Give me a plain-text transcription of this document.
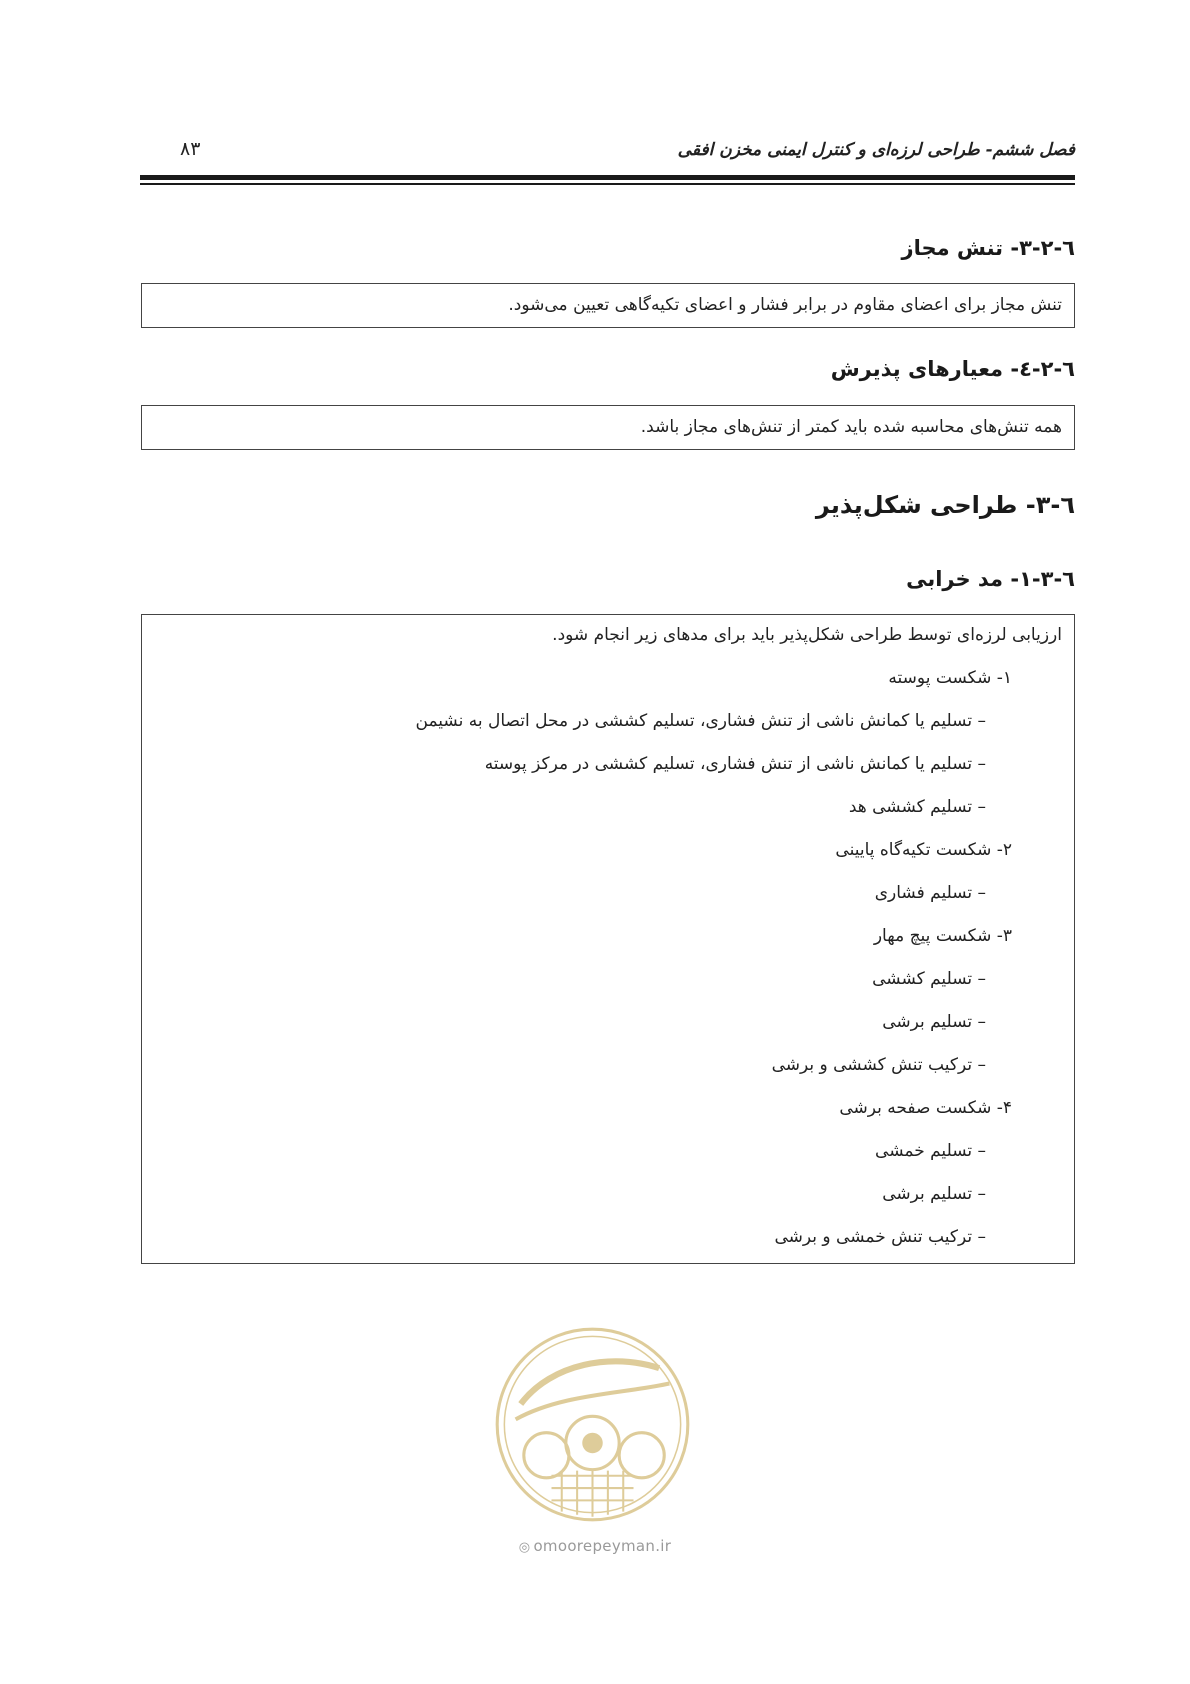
فصل ششم- طراحی لرزه‌ای و کنترل ایمنی مخزن افقی
۸۳
٦-٢-٣- تنش مجاز
تنش مجاز برای اعضای مقاوم در برابر فشار و اعضای تکیه‌گاهی تعیین می‌شود.
٦-٢-٤- معیارهای پذیرش
همه تنش‌های محاسبه شده باید کمتر از تنش‌های مجاز باشد.
٦-٣- طراحی شکل‌پذیر
٦-٣-١- مد خرابی
ارزیابی لرزه‌ای توسط طراحی شکل‌پذیر باید برای مدهای زیر انجام شود.
۱- شکست پوسته
– تسلیم یا کمانش ناشی از تنش فشاری، تسلیم کششی در محل اتصال به نشیمن
– تسلیم یا کمانش ناشی از تنش فشاری، تسلیم کششی در مرکز پوسته
– تسلیم کششی هد
۲- شکست تکیه‌گاه پایینی
– تسلیم فشاری
۳- شکست پیچ مهار
– تسلیم کششی
– تسلیم برشی
– ترکیب تنش کششی و برشی
۴- شکست صفحه برشی
– تسلیم خمشی
– تسلیم برشی
– ترکیب تنش خمشی و برشی
◎ omoorepeyman.ir
